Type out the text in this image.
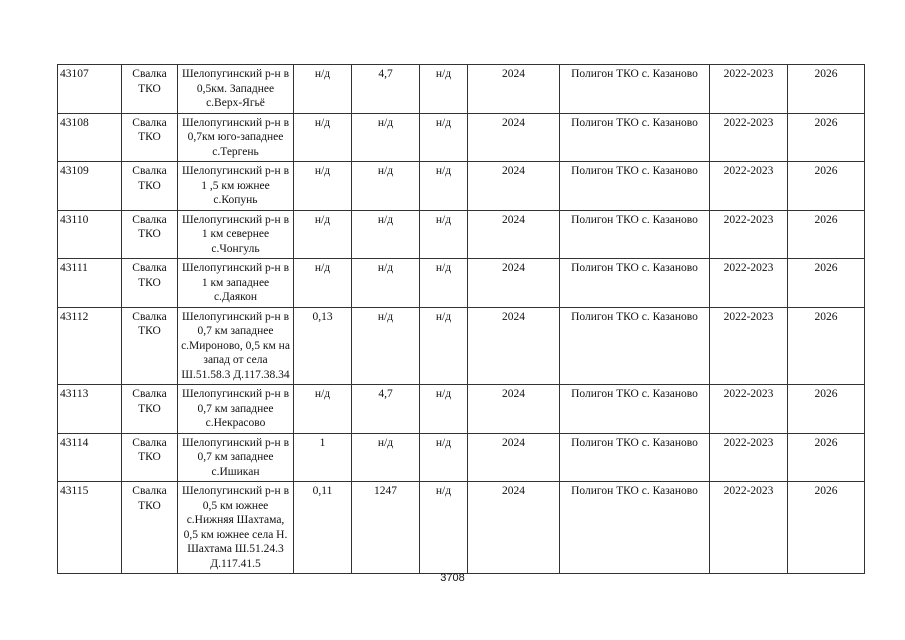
43107	Свалка ТКО	Шелопугинский р-н в 0,5км. Западнее с.Верх-Ягьё	н/д	4,7	н/д	2024	Полигон ТКО с. Казаново	2022-2023	2026
43108	Свалка ТКО	Шелопугинский р-н в 0,7км юго-западнее с.Тергень	н/д	н/д	н/д	2024	Полигон ТКО с. Казаново	2022-2023	2026
43109	Свалка ТКО	Шелопугинский р-н в 1 ,5 км южнее с.Копунь	н/д	н/д	н/д	2024	Полигон ТКО с. Казаново	2022-2023	2026
43110	Свалка ТКО	Шелопугинский р-н в 1 км севернее с.Чонгуль	н/д	н/д	н/д	2024	Полигон ТКО с. Казаново	2022-2023	2026
43111	Свалка ТКО	Шелопугинский р-н в 1 км западнее с.Даякон	н/д	н/д	н/д	2024	Полигон ТКО с. Казаново	2022-2023	2026
43112	Свалка ТКО	Шелопугинский р-н в 0,7 км западнее с.Мироново, 0,5 км на запад от села Ш.51.58.3 Д.117.38.34	0,13	н/д	н/д	2024	Полигон ТКО с. Казаново	2022-2023	2026
43113	Свалка ТКО	Шелопугинский р-н в 0,7 км западнее с.Некрасово	н/д	4,7	н/д	2024	Полигон ТКО с. Казаново	2022-2023	2026
43114	Свалка ТКО	Шелопугинский р-н в 0,7 км западнее с.Ишикан	1	н/д	н/д	2024	Полигон ТКО с. Казаново	2022-2023	2026
43115	Свалка ТКО	Шелопугинский р-н в 0,5 км южнее с.Нижняя Шахтама, 0,5 км южнее села Н. Шахтама Ш.51.24.3 Д.117.41.5	0,11	1247	н/д	2024	Полигон ТКО с. Казаново	2022-2023	2026
3708
